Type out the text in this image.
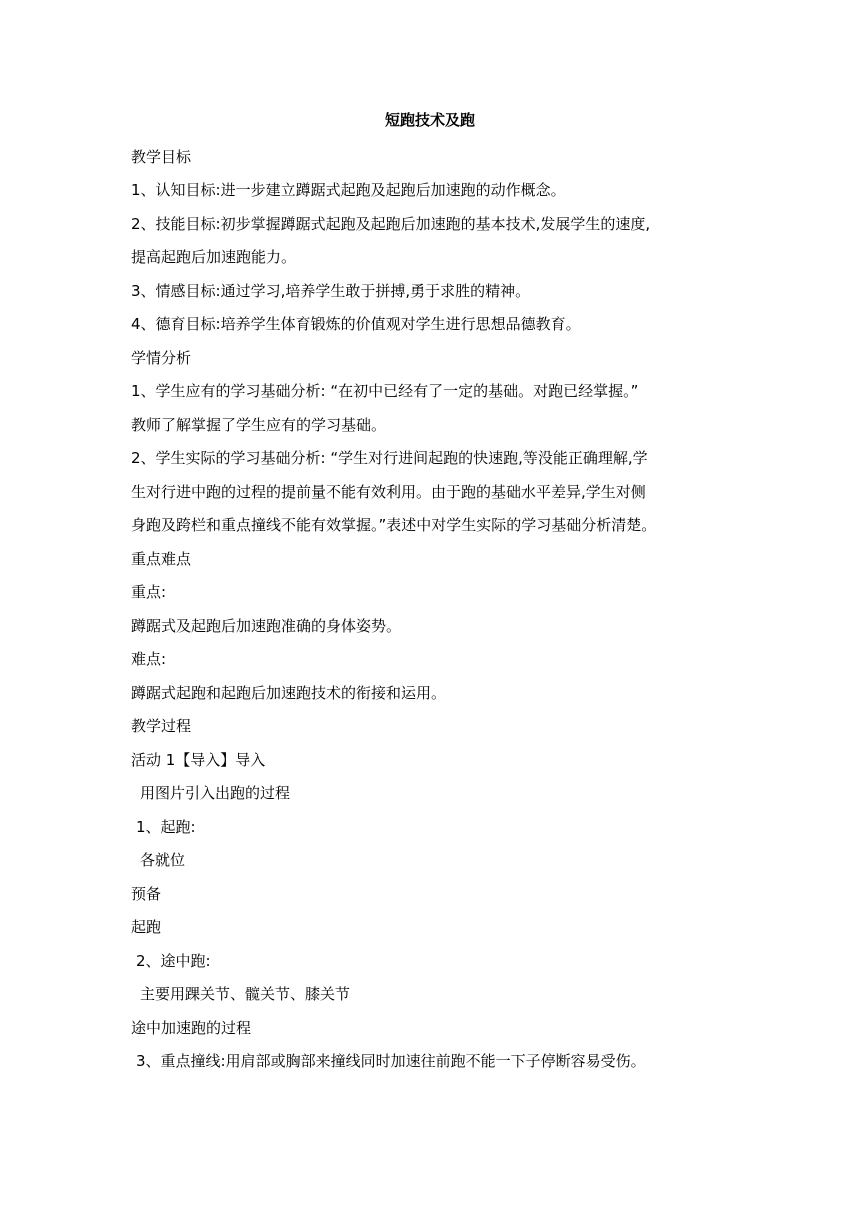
短跑技术及跑
教学目标
1、认知目标:进一步建立蹲踞式起跑及起跑后加速跑的动作概念。
2、技能目标:初步掌握蹲踞式起跑及起跑后加速跑的基本技术,发展学生的速度,
提高起跑后加速跑能力。
3、情感目标:通过学习,培养学生敢于拼搏,勇于求胜的精神。
4、德育目标:培养学生体育锻炼的价值观对学生进行思想品德教育。
学情分析
1、学生应有的学习基础分析: “在初中已经有了一定的基础。对跑已经掌握。”
教师了解掌握了学生应有的学习基础。
2、学生实际的学习基础分析: “学生对行进间起跑的快速跑,等没能正确理解,学
生对行进中跑的过程的提前量不能有效利用。由于跑的基础水平差异,学生对侧
身跑及跨栏和重点撞线不能有效掌握。”表述中对学生实际的学习基础分析清楚。
重点难点
重点:
蹲踞式及起跑后加速跑准确的身体姿势。
难点:
蹲踞式起跑和起跑后加速跑技术的衔接和运用。
教学过程
活动 1【导入】导入
用图片引入出跑的过程
1、起跑:
各就位
预备
起跑
2、途中跑:
主要用踝关节、髋关节、膝关节
途中加速跑的过程
3、重点撞线:用肩部或胸部来撞线同时加速往前跑不能一下子停断容易受伤。
